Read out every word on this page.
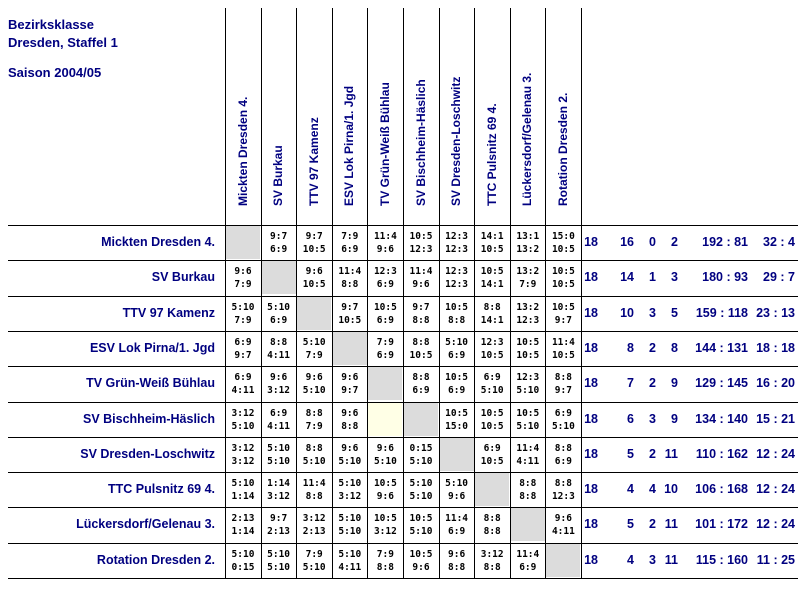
Bezirksklasse
Dresden, Staffel 1
Saison 2004/05
Mickten Dresden 4. SV Burkau TTV 97 Kamenz ESV Lok Pirna/1. Jgd TV Grün-Weiß Bühlau SV Bischheim-Häslich SV Dresden-Loschwitz TTC Pulsnitz 69 4. Lückersdorf/Gelenau 3. Rotation Dresden 2.
9:7
6:9
9:7
10:5
7:9
6:9
11:4
9:6
10:5
12:3
12:3
12:3
14:1
10:5
13:1
13:2
15:0
10:5
9:6
7:9
9:6
10:5
11:4
8:8
12:3
6:9
11:4
9:6
12:3
12:3
10:5
14:1
13:2
7:9
10:5
10:5
5:10
7:9
5:10
6:9
9:7
10:5
10:5
6:9
9:7
8:8
10:5
8:8
8:8
14:1
13:2
12:3
10:5
9:7
6:9
9:7
8:8
4:11
5:10
7:9
7:9
6:9
8:8
10:5
5:10
6:9
12:3
10:5
10:5
10:5
11:4
10:5
6:9
4:11
9:6
3:12
9:6
5:10
9:6
9:7
8:8
6:9
10:5
6:9
6:9
5:10
12:3
5:10
8:8
9:7
3:12
5:10
6:9
4:11
8:8
7:9
9:6
8:8
10:5
15:0
10:5
10:5
10:5
5:10
6:9
5:10
3:12
3:12
5:10
5:10
8:8
5:10
9:6
5:10
9:6
5:10
0:15
5:10
6:9
10:5
11:4
4:11
8:8
6:9
5:10
1:14
1:14
3:12
11:4
8:8
5:10
3:12
10:5
9:6
5:10
5:10
5:10
9:6
8:8
8:8
8:8
12:3
2:13
1:14
9:7
2:13
3:12
2:13
5:10
5:10
10:5
3:12
10:5
5:10
11:4
6:9
8:8
8:8
9:6
4:11
5:10
0:15
5:10
5:10
7:9
5:10
5:10
4:11
7:9
8:8
10:5
9:6
9:6
8:8
3:12
8:8
11:4
6:9
Mickten Dresden 4.
SV Burkau
TTV 97 Kamenz
ESV Lok Pirna/1. Jgd
TV Grün-Weiß Bühlau
SV Bischheim-Häslich
SV Dresden-Loschwitz
TTC Pulsnitz 69 4.
Lückersdorf/Gelenau 3.
Rotation Dresden 2.
18 16 0 2 192 : 81 32 : 4
18 14 1 3 180 : 93 29 : 7
18 10 3 5 159 : 118 23 : 13
18 8 2 8 144 : 131 18 : 18
18 7 2 9 129 : 145 16 : 20
18 6 3 9 134 : 140 15 : 21
18 5 2 11 110 : 162 12 : 24
18 4 4 10 106 : 168 12 : 24
18 5 2 11 101 : 172 12 : 24
18 4 3 11 115 : 160 11 : 25
